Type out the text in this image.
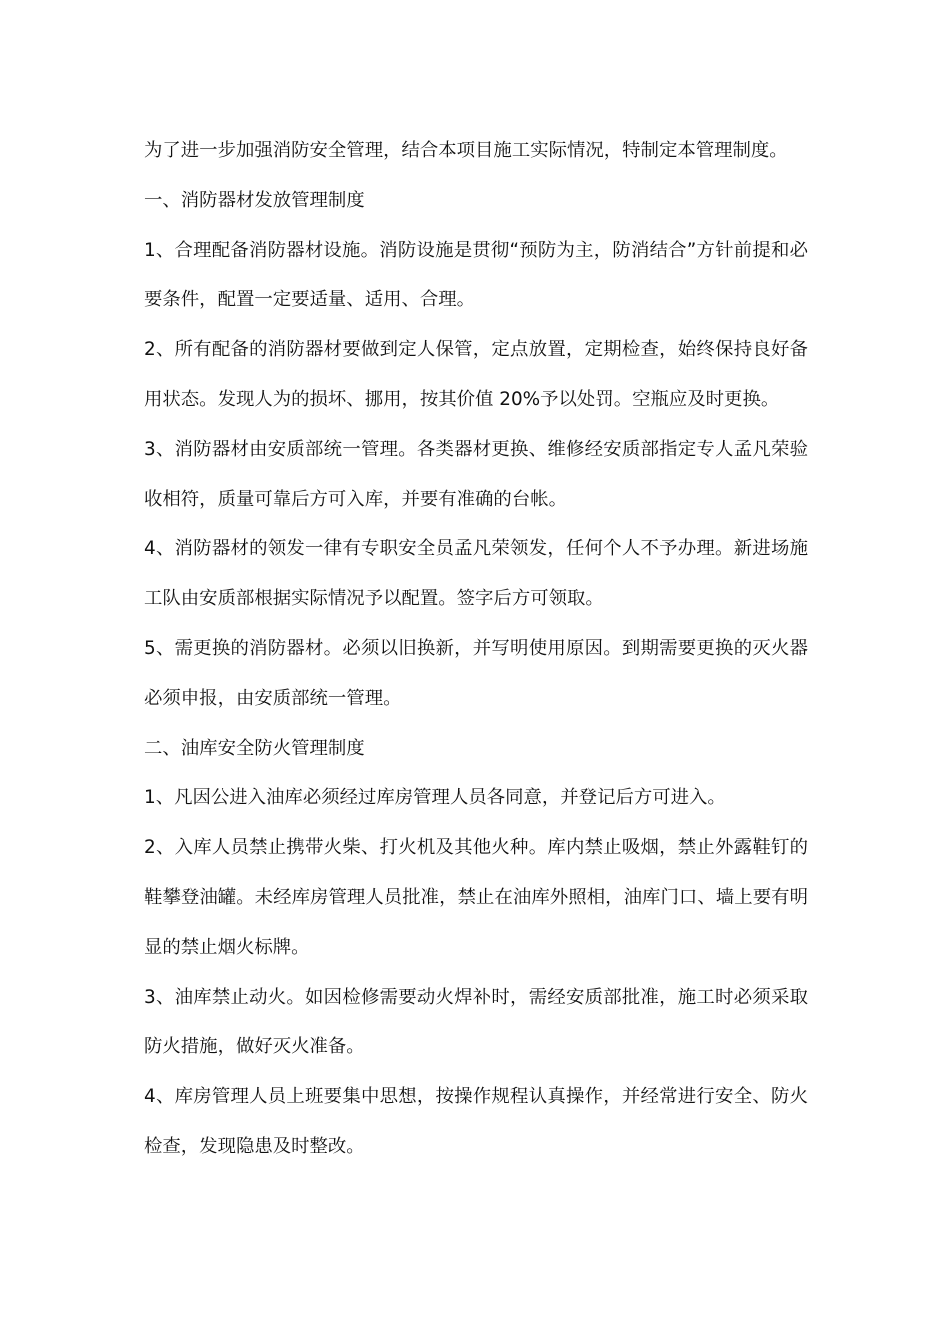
为了进一步加强消防安全管理，结合本项目施工实际情况，特制定本管理制度。

一、消防器材发放管理制度

1、合理配备消防器材设施。消防设施是贯彻“预防为主，防消结合”方针前提和必要条件，配置一定要适量、适用、合理。

2、所有配备的消防器材要做到定人保管，定点放置，定期检查，始终保持良好备用状态。发现人为的损坏、挪用，按其价值 20%予以处罚。空瓶应及时更换。

3、消防器材由安质部统一管理。各类器材更换、维修经安质部指定专人孟凡荣验收相符，质量可靠后方可入库，并要有准确的台帐。

4、消防器材的领发一律有专职安全员孟凡荣领发，任何个人不予办理。新进场施工队由安质部根据实际情况予以配置。签字后方可领取。

5、需更换的消防器材。必须以旧换新，并写明使用原因。到期需要更换的灭火器必须申报，由安质部统一管理。

二、油库安全防火管理制度

1、凡因公进入油库必须经过库房管理人员各同意，并登记后方可进入。

2、入库人员禁止携带火柴、打火机及其他火种。库内禁止吸烟，禁止外露鞋钉的鞋攀登油罐。未经库房管理人员批准，禁止在油库外照相，油库门口、墙上要有明显的禁止烟火标牌。

3、油库禁止动火。如因检修需要动火焊补时，需经安质部批准，施工时必须采取防火措施，做好灭火准备。

4、库房管理人员上班要集中思想，按操作规程认真操作，并经常进行安全、防火检查，发现隐患及时整改。
